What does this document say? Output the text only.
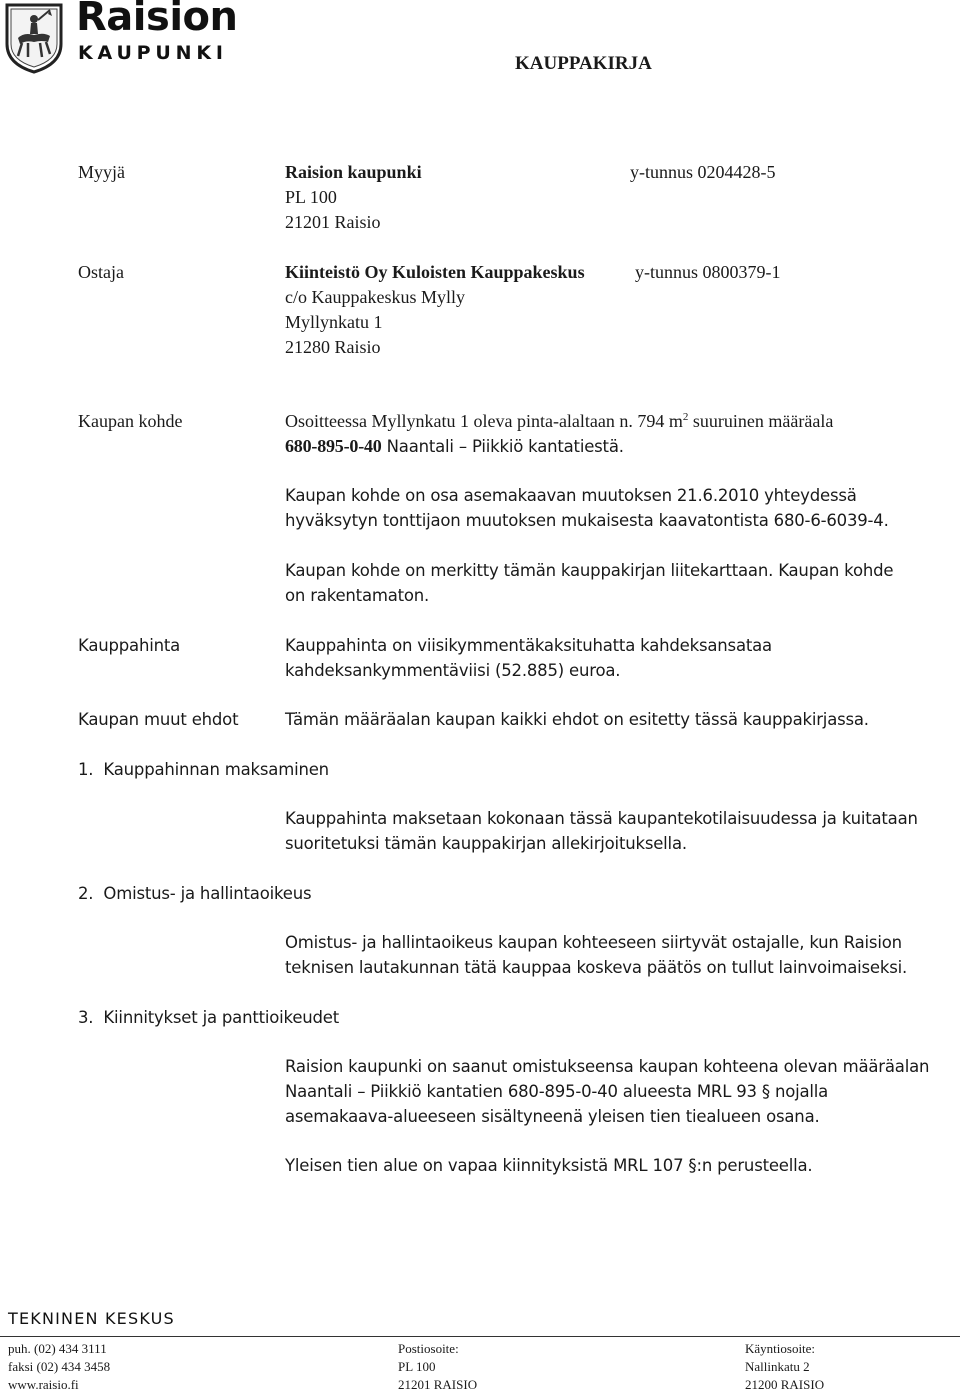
Raision
KAUPUNKI	KAUPPAKIRJA
Myyjä	Raision kaupunki	y-tunnus 0204428-5
PL 100
21201 Raisio
Ostaja	Kiinteistö Oy Kuloisten Kauppakeskus	y-tunnus 0800379-1
c/o Kauppakeskus Mylly
Myllynkatu 1
21280 Raisio
Kaupan kohde	Osoitteessa Myllynkatu 1 oleva pinta-alaltaan n. 794 $m^2$ suuruinen määräala
680-895-0-40 Naantali – Piikkiö kantatiestä.
Kaupan kohde on osa asemakaavan muutoksen 21.6.2010 yhteydessä
hyväksytyn tonttijaon muutoksen mukaisesta kaavatontista 680-6-6039-4.
Kaupan kohde on merkitty tämän kauppakirjan liitekarttaan. Kaupan kohde
on rakentamaton.
Kauppahinta	Kauppahinta on viisikymmentäkaksituhatta kahdeksansataa
kahdeksankymmentäviisi (52.885) euroa.
Kaupan muut ehdot	Tämän määräalan kaupan kaikki ehdot on esitetty tässä kauppakirjassa.
1.  Kauppahinnan maksaminen
Kauppahinta maksetaan kokonaan tässä kaupantekotilaisuudessa ja kuitataan
suoritetuksi tämän kauppakirjan allekirjoituksella.
2.  Omistus- ja hallintaoikeus
Omistus- ja hallintaoikeus kaupan kohteeseen siirtyvät ostajalle, kun Raision
teknisen lautakunnan tätä kauppaa koskeva päätös on tullut lainvoimaiseksi.
3.  Kiinnitykset ja panttioikeudet
Raision kaupunki on saanut omistukseensa kaupan kohteena olevan määräalan
Naantali – Piikkiö kantatien 680-895-0-40 alueesta MRL 93 § nojalla
asemakaava-alueeseen sisältyneenä yleisen tien tiealueen osana.
Yleisen tien alue on vapaa kiinnityksistä MRL 107 §:n perusteella.
TEKNINEN KESKUS
puh. (02) 434 3111
faksi (02) 434 3458
www.raisio.fi
Postiosoite:
PL 100
21201 RAISIO
Käyntiosoite:
Nallinkatu 2
21200 RAISIO
